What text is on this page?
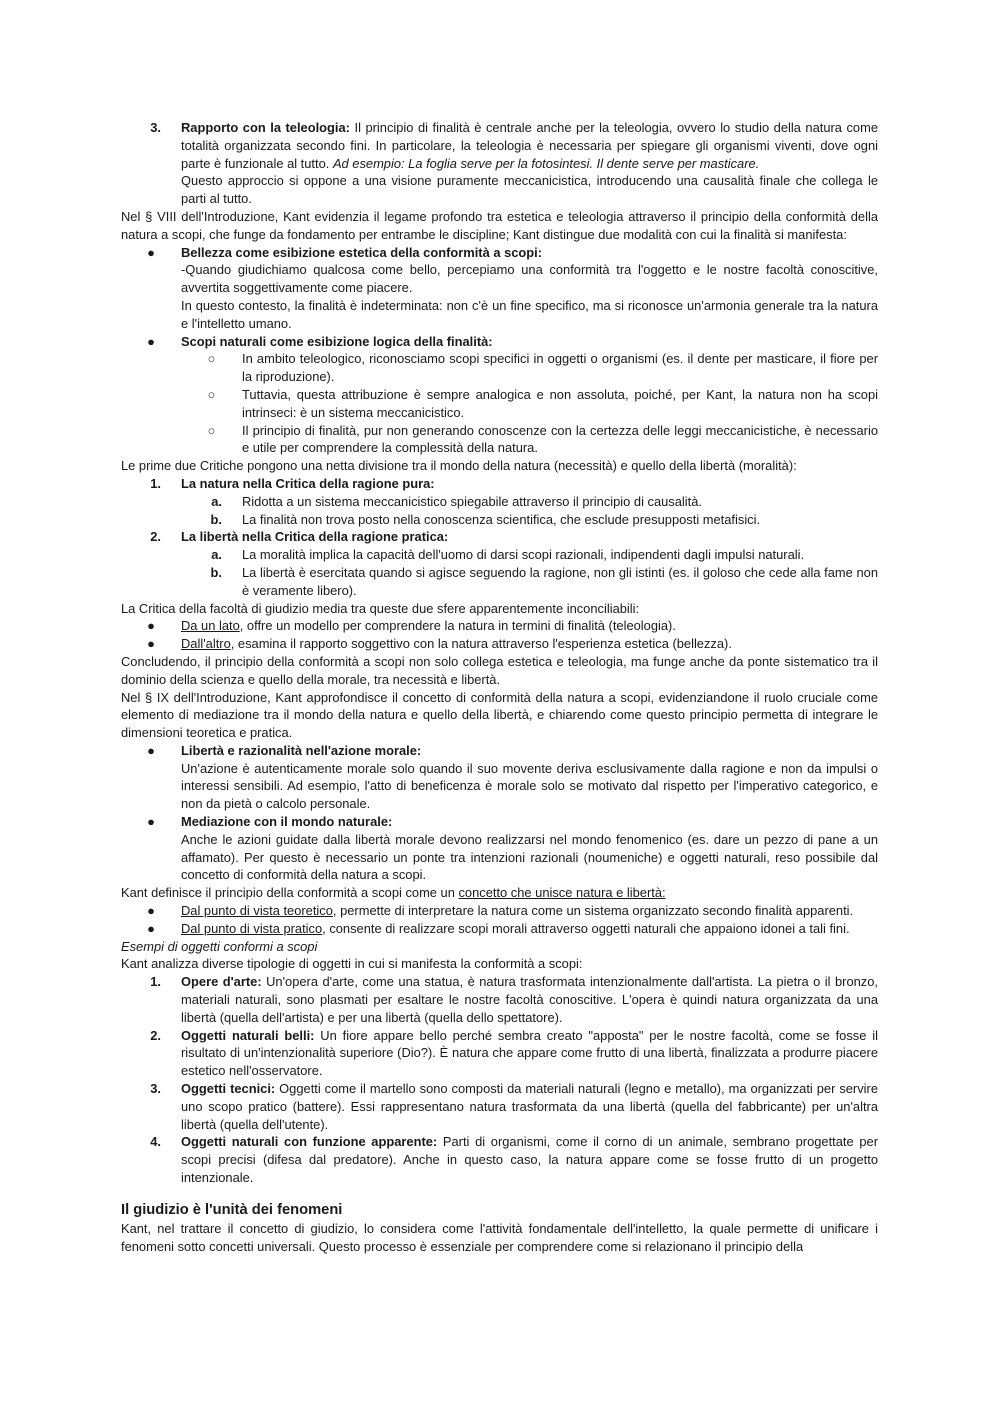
3.	Rapporto con la teleologia: Il principio di finalità è centrale anche per la teleologia, ovvero lo studio della natura come totalità organizzata secondo fini. In particolare, la teleologia è necessaria per spiegare gli organismi viventi, dove ogni parte è funzionale al tutto. Ad esempio: La foglia serve per la fotosintesi. Il dente serve per masticare.
Questo approccio si oppone a una visione puramente meccanicistica, introducendo una causalità finale che collega le parti al tutto.

Nel § VIII dell'Introduzione, Kant evidenzia il legame profondo tra estetica e teleologia attraverso il principio della conformità della natura a scopi, che funge da fondamento per entrambe le discipline; Kant distingue due modalità con cui la finalità si manifesta:

●	Bellezza come esibizione estetica della conformità a scopi:
-Quando giudichiamo qualcosa come bello, percepiamo una conformità tra l'oggetto e le nostre facoltà conoscitive, avvertita soggettivamente come piacere.
In questo contesto, la finalità è indeterminata: non c'è un fine specifico, ma si riconosce un'armonia generale tra la natura e l'intelletto umano.
●	Scopi naturali come esibizione logica della finalità:
○	In ambito teleologico, riconosciamo scopi specifici in oggetti o organismi (es. il dente per masticare, il fiore per la riproduzione).
○	Tuttavia, questa attribuzione è sempre analogica e non assoluta, poiché, per Kant, la natura non ha scopi intrinseci: è un sistema meccanicistico.
○	Il principio di finalità, pur non generando conoscenze con la certezza delle leggi meccanicistiche, è necessario e utile per comprendere la complessità della natura.

Le prime due Critiche pongono una netta divisione tra il mondo della natura (necessità) e quello della libertà (moralità):

1.	La natura nella Critica della ragione pura:
a.	Ridotta a un sistema meccanicistico spiegabile attraverso il principio di causalità.
b.	La finalità non trova posto nella conoscenza scientifica, che esclude presupposti metafisici.
2.	La libertà nella Critica della ragione pratica:
a.	La moralità implica la capacità dell'uomo di darsi scopi razionali, indipendenti dagli impulsi naturali.
b.	La libertà è esercitata quando si agisce seguendo la ragione, non gli istinti (es. il goloso che cede alla fame non è veramente libero).

La Critica della facoltà di giudizio media tra queste due sfere apparentemente inconciliabili:

●	Da un lato, offre un modello per comprendere la natura in termini di finalità (teleologia).
●	Dall'altro, esamina il rapporto soggettivo con la natura attraverso l'esperienza estetica (bellezza).

Concludendo, il principio della conformità a scopi non solo collega estetica e teleologia, ma funge anche da ponte sistematico tra il dominio della scienza e quello della morale, tra necessità e libertà.

Nel § IX dell'Introduzione, Kant approfondisce il concetto di conformità della natura a scopi, evidenziandone il ruolo cruciale come elemento di mediazione tra il mondo della natura e quello della libertà, e chiarendo come questo principio permetta di integrare le dimensioni teoretica e pratica.

●	Libertà e razionalità nell'azione morale:
Un'azione è autenticamente morale solo quando il suo movente deriva esclusivamente dalla ragione e non da impulsi o interessi sensibili. Ad esempio, l'atto di beneficenza è morale solo se motivato dal rispetto per l'imperativo categorico, e non da pietà o calcolo personale.
●	Mediazione con il mondo naturale:
Anche le azioni guidate dalla libertà morale devono realizzarsi nel mondo fenomenico (es. dare un pezzo di pane a un affamato). Per questo è necessario un ponte tra intenzioni razionali (noumeniche) e oggetti naturali, reso possibile dal concetto di conformità della natura a scopi.

Kant definisce il principio della conformità a scopi come un concetto che unisce natura e libertà:

●	Dal punto di vista teoretico, permette di interpretare la natura come un sistema organizzato secondo finalità apparenti.
●	Dal punto di vista pratico, consente di realizzare scopi morali attraverso oggetti naturali che appaiono idonei a tali fini.

Esempi di oggetti conformi a scopi

Kant analizza diverse tipologie di oggetti in cui si manifesta la conformità a scopi:

1.	Opere d'arte: Un'opera d'arte, come una statua, è natura trasformata intenzionalmente dall'artista. La pietra o il bronzo, materiali naturali, sono plasmati per esaltare le nostre facoltà conoscitive. L'opera è quindi natura organizzata da una libertà (quella dell'artista) e per una libertà (quella dello spettatore).
2.	Oggetti naturali belli: Un fiore appare bello perché sembra creato "apposta" per le nostre facoltà, come se fosse il risultato di un'intenzionalità superiore (Dio?). È natura che appare come frutto di una libertà, finalizzata a produrre piacere estetico nell'osservatore.
3.	Oggetti tecnici: Oggetti come il martello sono composti da materiali naturali (legno e metallo), ma organizzati per servire uno scopo pratico (battere). Essi rappresentano natura trasformata da una libertà (quella del fabbricante) per un'altra libertà (quella dell'utente).
4.	Oggetti naturali con funzione apparente: Parti di organismi, come il corno di un animale, sembrano progettate per scopi precisi (difesa dal predatore). Anche in questo caso, la natura appare come se fosse frutto di un progetto intenzionale.
Il giudizio è l'unità dei fenomeni

Kant, nel trattare il concetto di giudizio, lo considera come l'attività fondamentale dell'intelletto, la quale permette di unificare i fenomeni sotto concetti universali. Questo processo è essenziale per comprendere come si relazionano il principio della
